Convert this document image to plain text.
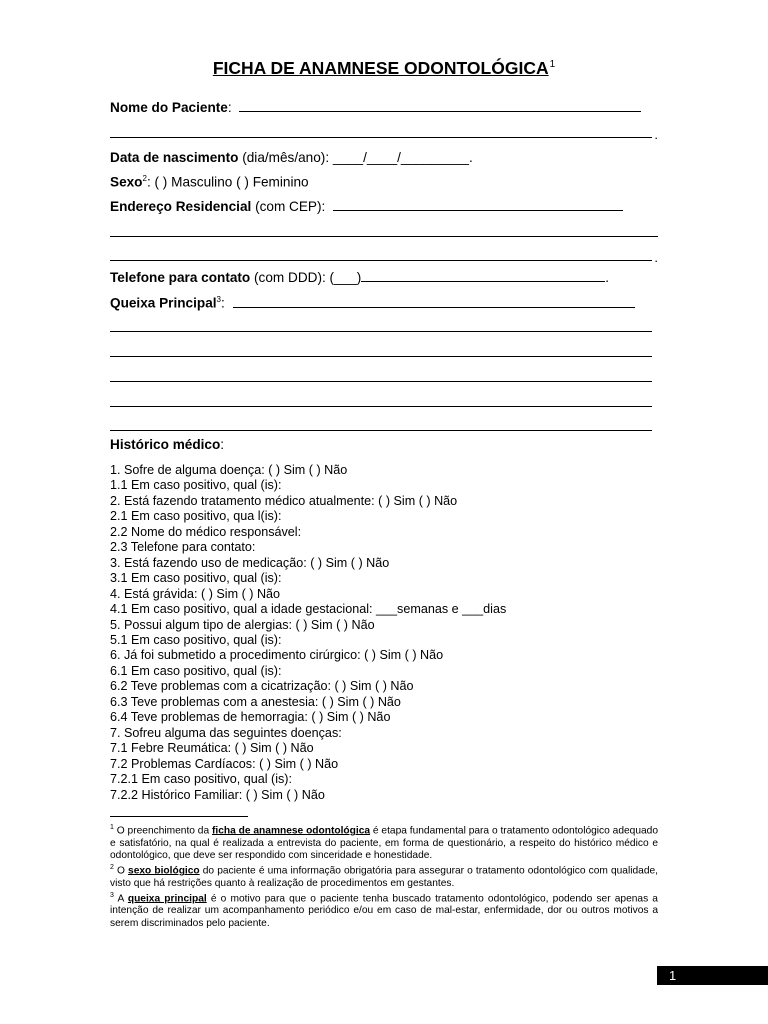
FICHA DE ANAMNESE ODONTOLÓGICA$^1$
Nome do Paciente:
.
Data de nascimento (dia/mês/ano): ____/____/_________.
Sexo$^2$: ( ) Masculino ( ) Feminino
Endereço Residencial (com CEP):
.
Telefone para contato (com DDD): (___)	.
Queixa Principal$^3$:
Histórico médico:
1. Sofre de alguma doença: ( ) Sim ( ) Não
1.1 Em caso positivo, qual (is):
2. Está fazendo tratamento médico atualmente: ( ) Sim ( ) Não
2.1 Em caso positivo, qua l(is):
2.2 Nome do médico responsável:
2.3 Telefone para contato:
3. Está fazendo uso de medicação: ( ) Sim ( ) Não
3.1 Em caso positivo, qual (is):
4. Está grávida: ( ) Sim ( ) Não
4.1 Em caso positivo, qual a idade gestacional: ___semanas e ___dias
5. Possui algum tipo de alergias: ( ) Sim ( ) Não
5.1 Em caso positivo, qual (is):
6. Já foi submetido a procedimento cirúrgico: ( ) Sim ( ) Não
6.1 Em caso positivo, qual (is):
6.2 Teve problemas com a cicatrização: ( ) Sim ( ) Não
6.3 Teve problemas com a anestesia: ( ) Sim ( ) Não
6.4 Teve problemas de hemorragia: ( ) Sim ( ) Não
7. Sofreu alguma das seguintes doenças:
7.1 Febre Reumática: ( ) Sim ( ) Não
7.2 Problemas Cardíacos: ( ) Sim ( ) Não
7.2.1 Em caso positivo, qual (is):
7.2.2 Histórico Familiar: ( ) Sim ( ) Não

$^1$ O preenchimento da ficha de anamnese odontológica é etapa fundamental para o tratamento odontológico adequado e satisfatório, na qual é realizada a entrevista do paciente, em forma de questionário, a respeito do histórico médico e odontológico, que deve ser respondido com sinceridade e honestidade.

$^2$ O sexo biológico do paciente é uma informação obrigatória para assegurar o tratamento odontológico com qualidade, visto que há restrições quanto à realização de procedimentos em gestantes.

$^3$ A queixa principal é o motivo para que o paciente tenha buscado tratamento odontológico, podendo ser apenas a intenção de realizar um acompanhamento periódico e/ou em caso de mal-estar, enfermidade, dor ou outros motivos a serem discriminados pelo paciente.

1
